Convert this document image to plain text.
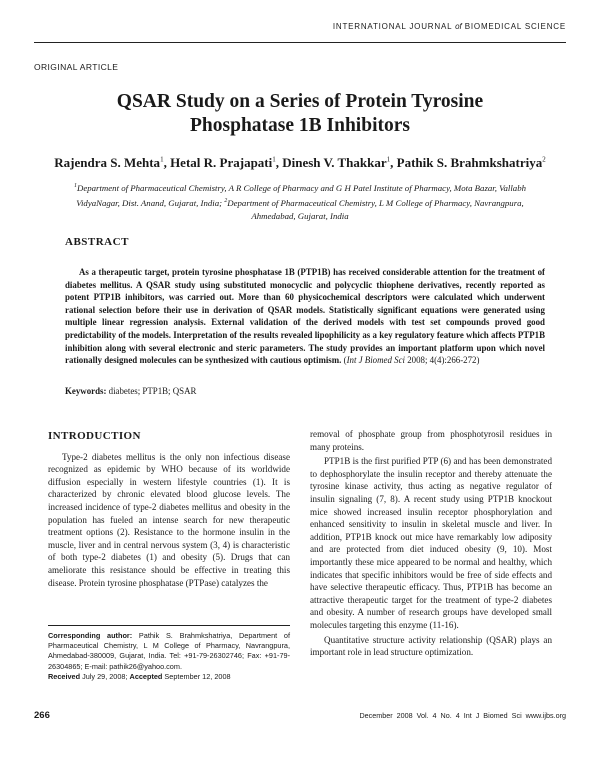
INTERNATIONAL JOURNAL of BIOMEDICAL SCIENCE
ORIGINAL ARTICLE
QSAR Study on a Series of Protein Tyrosine
Phosphatase 1B Inhibitors
Rajendra S. Mehta$^1$, Hetal R. Prajapati$^1$, Dinesh V. Thakkar$^1$, Pathik S. Brahmkshatriya$^2$
$^1$Department of Pharmaceutical Chemistry, A R College of Pharmacy and G H Patel Institute of Pharmacy, Mota Bazar, Vallabh VidyaNagar, Dist. Anand, Gujarat, India; $^2$Department of Pharmaceutical Chemistry, L M College of Pharmacy, Navrangpura, Ahmedabad, Gujarat, India
ABSTRACT
As a therapeutic target, protein tyrosine phosphatase 1B (PTP1B) has received considerable attention for the treatment of diabetes mellitus. A QSAR study using substituted monocyclic and polycyclic thiophene derivatives, recently reported as potent PTP1B inhibitors, was carried out. More than 60 physicochemical descriptors were calculated which underwent rational selection before their use in derivation of QSAR models. Statistically significant equations were generated using multiple linear regression analysis. External validation of the derived models with test set compounds proved good predictability of the models. Interpretation of the results revealed lipophilicity as a key regulatory feature which affects PTP1B inhibition along with several electronic and steric parameters. The study provides an important platform upon which novel rationally designed molecules can be synthesized with cautious optimism. (Int J Biomed Sci 2008; 4(4):266-272)
Keywords: diabetes; PTP1B; QSAR
INTRODUCTION

Type-2 diabetes mellitus is the only non infectious disease recognized as epidemic by WHO because of its worldwide diffusion especially in western lifestyle countries (1). It is characterized by chronic elevated blood glucose levels. The increased incidence of type-2 diabetes mellitus and obesity in the population has fueled an intense search for new therapeutic treatment options (2). Resistance to the hormone insulin in the muscle, liver and in central nervous system (3, 4) is characteristic of both type-2 diabetes (1) and obesity (5). Drugs that can ameliorate this resistance should be effective in treating this disease. Protein tyrosine phosphatase (PTPase) catalyzes the

removal of phosphate group from phosphotyrosil residues in many proteins.

PTP1B is the first purified PTP (6) and has been demonstrated to dephosphorylate the insulin receptor and thereby attenuate the tyrosine kinase activity, thus acting as negative regulator of insulin signaling (7, 8). A recent study using PTP1B knockout mice showed increased insulin receptor phosphorylation and enhanced sensitivity to insulin in skeletal muscle and liver. In addition, PTP1B knock out mice have remarkably low adiposity and are protected from diet induced obesity (9, 10). Most importantly these mice appeared to be normal and healthy, which indicates that specific inhibitors would be free of side effects and have selective therapeutic efficacy. Thus, PTP1B has become an attractive therapeutic target for the treatment of type-2 diabetes and obesity. A number of research groups have developed small molecules targeting this enzyme (11-16).

Quantitative structure activity relationship (QSAR) plays an important role in lead structure optimization.

Corresponding author: Pathik S. Brahmkshatriya, Department of Pharmaceutical Chemistry, L M College of Pharmacy, Navrangpura, Ahmedabad-380009, Gujarat, India. Tel: +91-79-26302746; Fax: +91-79-26304865; E-mail: pathik26@yahoo.com.
Received July 29, 2008; Accepted September 12, 2008
266	December 2008 Vol. 4 No. 4 Int J Biomed Sci www.ijbs.org
